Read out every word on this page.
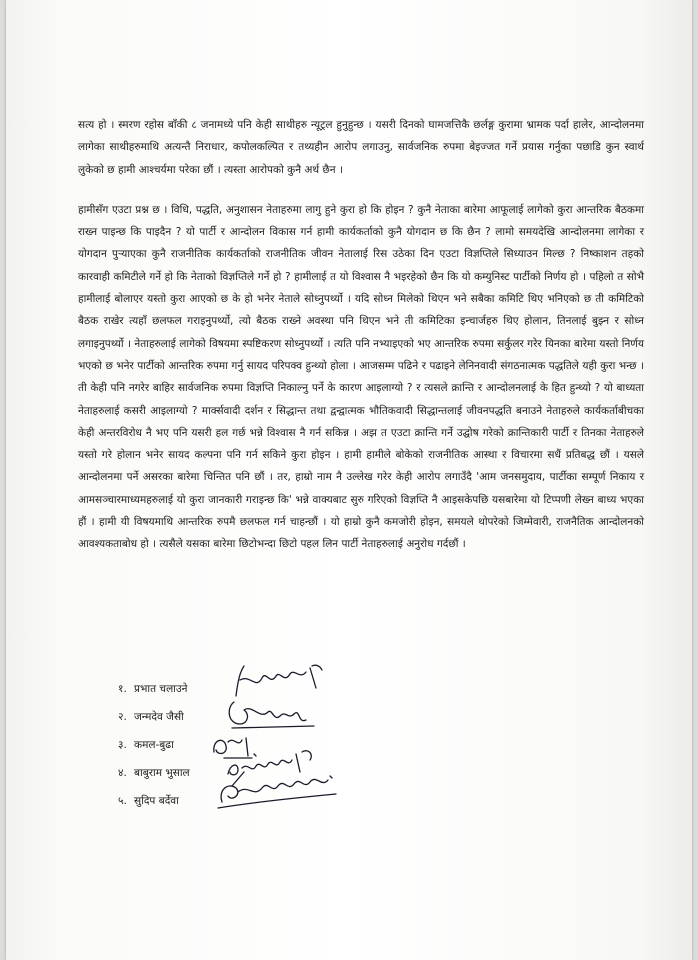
सत्य हो । स्मरण रहोस बाँकी ८ जनामध्ये पनि केही साथीहरु न्यूट्रल हुनुहुन्छ । यसरी दिनको घामजत्तिकै छर्लङ्ग कुरामा भ्रामक पर्दा हालेर, आन्दोलनमा लागेका साथीहरुमाथि अत्यन्तै निराधार, कपोलकल्पित र तथ्यहीन आरोप लगाउनु, सार्वजनिक रुपमा बेइज्जत गर्ने प्रयास गर्नुका पछाडि कुन स्वार्थ लुकेको छ हामी आश्चर्यमा परेका छौं । त्यस्ता आरोपको कुनै अर्थ छैन ।

हामीसँग एउटा प्रश्न छ । विधि, पद्धति, अनुशासन नेताहरुमा लागु हुने कुरा हो कि होइन ? कुनै नेताका बारेमा आफूलाई लागेको कुरा आन्तरिक बैठकमा राख्न पाइन्छ कि पाइदैन ? यो पार्टी र आन्दोलन विकास गर्न हामी कार्यकर्ताको कुनै योगदान छ कि छैन ? लामो समयदेखि आन्दोलनमा लागेका र योगदान पुऱ्याएका कुनै राजनीतिक कार्यकर्ताको राजनीतिक जीवन नेतालाई रिस उठेका दिन एउटा विज्ञप्तिले सिध्याउन मिल्छ ? निष्काशन तहको कारवाही कमिटीले गर्ने हो कि नेताको विज्ञप्तिले गर्ने हो ? हामीलाई त यो विश्वास नै भइरहेको छैन कि यो कम्युनिस्ट पार्टीको निर्णय हो । पहिलो त सोभै हामीलाई बोलाएर यस्तो कुरा आएको छ के हो भनेर नेताले सोध्नुपर्थ्यो । यदि सोध्न मिलेको थिएन भने सबैका कमिटि थिए भनिएको छ ती कमिटिको बैठक राखेर त्यहाँ छलफल गराइनुपर्थ्यो, त्यो बैठक राख्ने अवस्था पनि थिएन भने ती कमिटिका इन्चार्जहरु थिए होलान, तिनलाई बुझ्न र सोध्न लगाइनुपर्थ्यो । नेताहरुलाई लागेको विषयमा स्पष्टिकरण सोध्नुपर्थ्यो । त्यति पनि नभ्याइएको भए आन्तरिक रुपमा सर्कुलर गरेर यिनका बारेमा यस्तो निर्णय भएको छ भनेर पार्टीको आन्तरिक रुपमा गर्नु सायद परिपक्व हुन्थ्यो होला । आजसम्म पढिने र पढाइने लेनिनवादी संगठनात्मक पद्धतिले यही कुरा भन्छ । ती केही पनि नगरेर बाहिर सार्वजनिक रुपमा विज्ञप्ति निकाल्नु पर्ने के कारण आइलाग्यो ? र त्यसले क्रान्ति र आन्दोलनलाई के हित हुन्थ्यो ? यो बाध्यता नेताहरुलाई कसरी आइलाग्यो ? मार्क्सवादी दर्शन र सिद्धान्त तथा द्वन्द्वात्मक भौतिकवादी सिद्धान्तलाई जीवनपद्धति बनाउने नेताहरुले कार्यकर्ताबीचका केही अन्तरविरोध नै भए पनि यसरी हल गर्छ भन्ने विश्वास नै गर्न सकिन्न । अझ त एउटा क्रान्ति गर्ने उद्घोष गरेको क्रान्तिकारी पार्टी र तिनका नेताहरुले यस्तो गरे होलान भनेर सायद कल्पना पनि गर्न सकिने कुरा होइन । हामी हामीले बोकेको राजनीतिक आस्था र विचारमा सधैं प्रतिबद्ध छौं । यसले आन्दोलनमा पर्ने असरका बारेमा चिन्तित पनि छौं । तर, हाम्रो नाम नै उल्लेख गरेर केही आरोप लगाउँदै 'आम जनसमुदाय, पार्टीका सम्पूर्ण निकाय र आमसञ्चारमाध्यमहरुलाई यो कुरा जानकारी गराइन्छ कि' भन्ने वाक्यबाट सुरु गरिएको विज्ञप्ति नै आइसकेपछि यसबारेमा यो टिप्पणी लेख्न बाध्य भएका हौं । हामी यी विषयमाथि आन्तरिक रुपमै छलफल गर्न चाहन्छौं । यो हाम्रो कुनै कमजोरी होइन, समयले थोपरेको जिम्मेवारी, राजनैतिक आन्दोलनको आवश्यकताबोध हो । त्यसैले यसका बारेमा छिटोभन्दा छिटो पहल लिन पार्टी नेताहरुलाई अनुरोध गर्दछौं ।

१. प्रभात चलाउने
२. जन्मदेव जैसी
३. कमल-बुढा
४. बाबुराम भुसाल
५. सुदिप बर्देवा
